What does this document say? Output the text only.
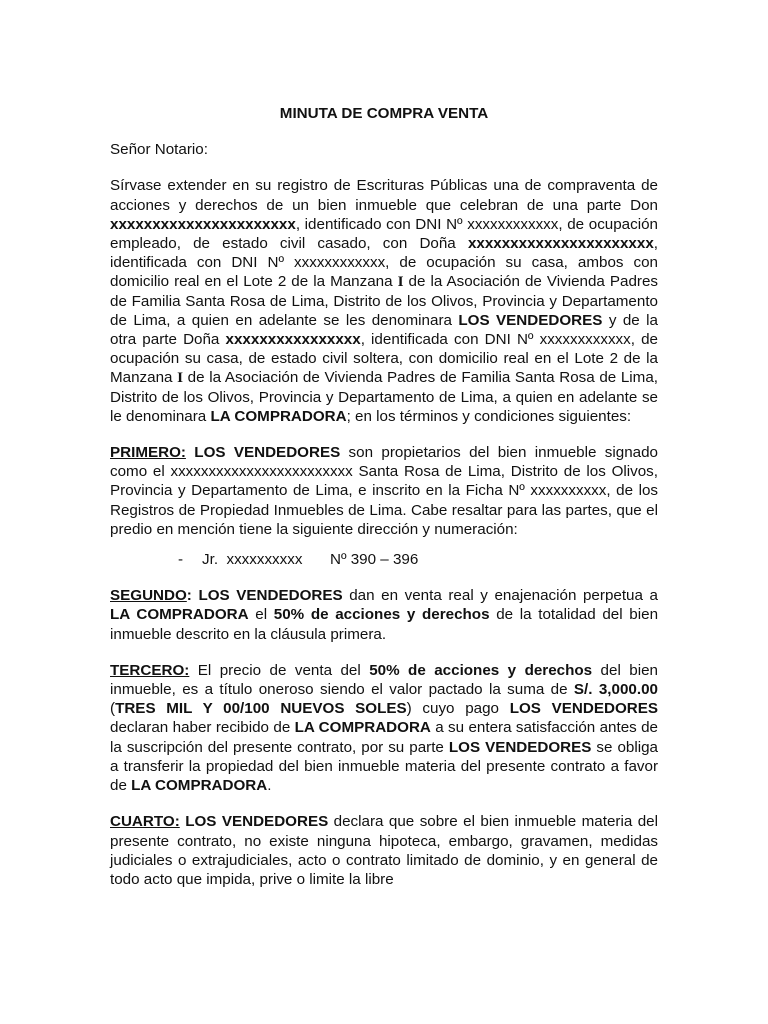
MINUTA DE COMPRA VENTA
Señor Notario:

Sírvase extender en su registro de Escrituras Públicas una de compraventa de acciones y derechos de un bien inmueble que celebran de una parte Don xxxxxxxxxxxxxxxxxxxxxx, identificado con DNI Nº xxxxxxxxxxxx, de ocupación empleado, de estado civil casado, con Doña xxxxxxxxxxxxxxxxxxxxxx, identificada con DNI Nº xxxxxxxxxxxx, de ocupación su casa, ambos con domicilio real en el Lote 2 de la Manzana I de la Asociación de Vivienda Padres de Familia Santa Rosa de Lima, Distrito de los Olivos, Provincia y Departamento de Lima, a quien en adelante se les denominara LOS VENDEDORES y de la otra parte Doña xxxxxxxxxxxxxxxx, identificada con DNI Nº xxxxxxxxxxxx, de ocupación su casa, de estado civil soltera, con domicilio real en el Lote 2 de la Manzana I de la Asociación de Vivienda Padres de Familia Santa Rosa de Lima, Distrito de los Olivos, Provincia y Departamento de Lima, a quien en adelante se le denominara LA COMPRADORA; en los términos y condiciones siguientes:

PRIMERO: LOS VENDEDORES son propietarios del bien inmueble signado como el xxxxxxxxxxxxxxxxxxxxxxxx Santa Rosa de Lima, Distrito de los Olivos, Provincia y Departamento de Lima, e inscrito en la Ficha Nº xxxxxxxxxx, de los Registros de Propiedad Inmuebles de Lima. Cabe resaltar para las partes, que el predio en mención tiene la siguiente dirección y numeración:

- Jr.  xxxxxxxxxx Nº 390 – 396

SEGUNDO: LOS VENDEDORES dan en venta real y enajenación perpetua a LA COMPRADORA el 50% de acciones y derechos de la totalidad del bien inmueble descrito en la cláusula primera.

TERCERO: El precio de venta del 50% de acciones y derechos del bien inmueble, es a título oneroso siendo el valor pactado la suma de S/. 3,000.00 (TRES MIL Y 00/100 NUEVOS SOLES) cuyo pago LOS VENDEDORES declaran haber recibido de LA COMPRADORA a su entera satisfacción antes de la suscripción del presente contrato, por su parte LOS VENDEDORES se obliga a transferir la propiedad del bien inmueble materia del presente contrato a favor de LA COMPRADORA.

CUARTO: LOS VENDEDORES declara que sobre el bien inmueble materia del presente contrato, no existe ninguna hipoteca, embargo, gravamen, medidas judiciales o extrajudiciales, acto o contrato limitado de dominio, y en general de todo acto que impida, prive o limite la libre
